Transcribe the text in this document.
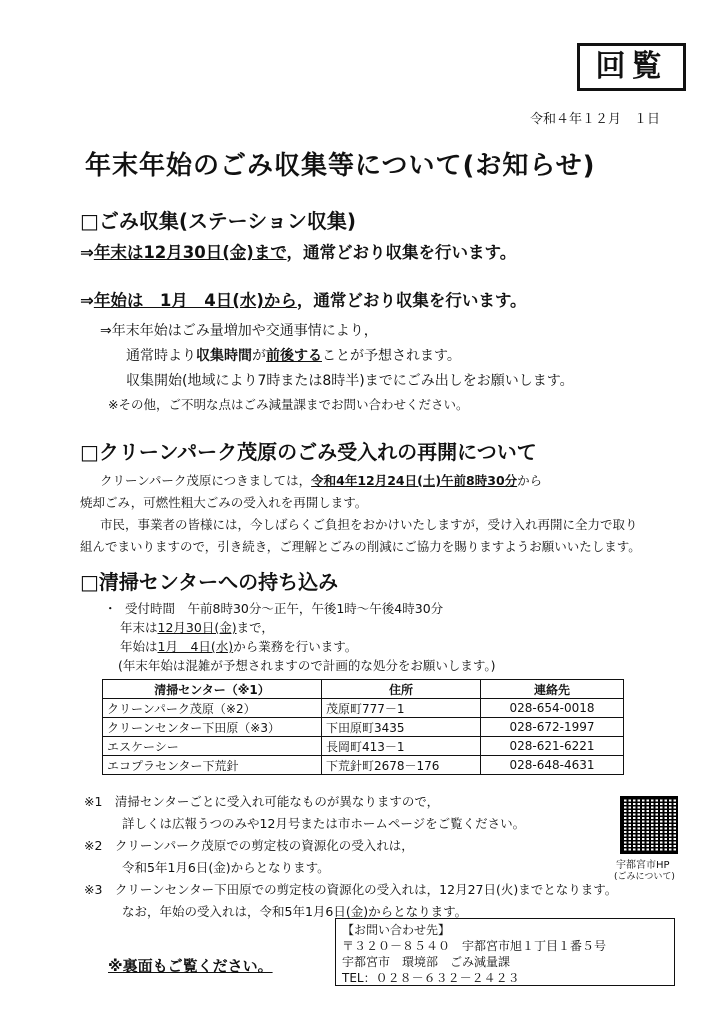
回覧
令和４年１２月　１日
年末年始のごみ収集等について(お知らせ)
□ごみ収集(ステーション収集)
⇒年末は12月30日(金)まで，通常どおり収集を行います。
⇒年始は　1月　4日(水)から，通常どおり収集を行います。
⇒年末年始はごみ量増加や交通事情により，
通常時より収集時間が前後することが予想されます。
収集開始(地域により7時または8時半)までにごみ出しをお願いします。
※その他，ご不明な点はごみ減量課までお問い合わせください。
□クリーンパーク茂原のごみ受入れの再開について
クリーンパーク茂原につきましては，令和4年12月24日(土)午前8時30分から
焼却ごみ，可燃性粗大ごみの受入れを再開します。
市民，事業者の皆様には，今しばらくご負担をおかけいたしますが，受け入れ再開に全力で取り
組んでまいりますので，引き続き，ご理解とごみの削減にご協力を賜りますようお願いいたします。
□清掃センターへの持ち込み
・ 受付時間　午前8時30分～正午，午後1時～午後4時30分
年末は12月30日(金)まで，
年始は1月　4日(水)から業務を行います。
(年末年始は混雑が予想されますので計画的な処分をお願いします。)
清掃センター（※1）	住所	連絡先
クリーンパーク茂原（※2）	茂原町777－1	028-654-0018
クリーンセンター下田原（※3）	下田原町3435	028-672-1997
エスケーシー	長岡町413－1	028-621-6221
エコプラセンター下荒針	下荒針町2678－176	028-648-4631
※1　清掃センターごとに受入れ可能なものが異なりますので，
詳しくは広報うつのみや12月号または市ホームページをご覧ください。
※2　クリーンパーク茂原での剪定枝の資源化の受入れは，
令和5年1月6日(金)からとなります。
※3　クリーンセンター下田原での剪定枝の資源化の受入れは，12月27日(火)までとなります。
なお，年始の受入れは，令和5年1月6日(金)からとなります。
宇都宮市HP
(ごみについて)
【お問い合わせ先】
〒３２０－８５４０　宇都宮市旭１丁目１番５号
宇都宮市　環境部　ごみ減量課
TEL：０２８－６３２－２４２３
※裏面もご覧ください。
